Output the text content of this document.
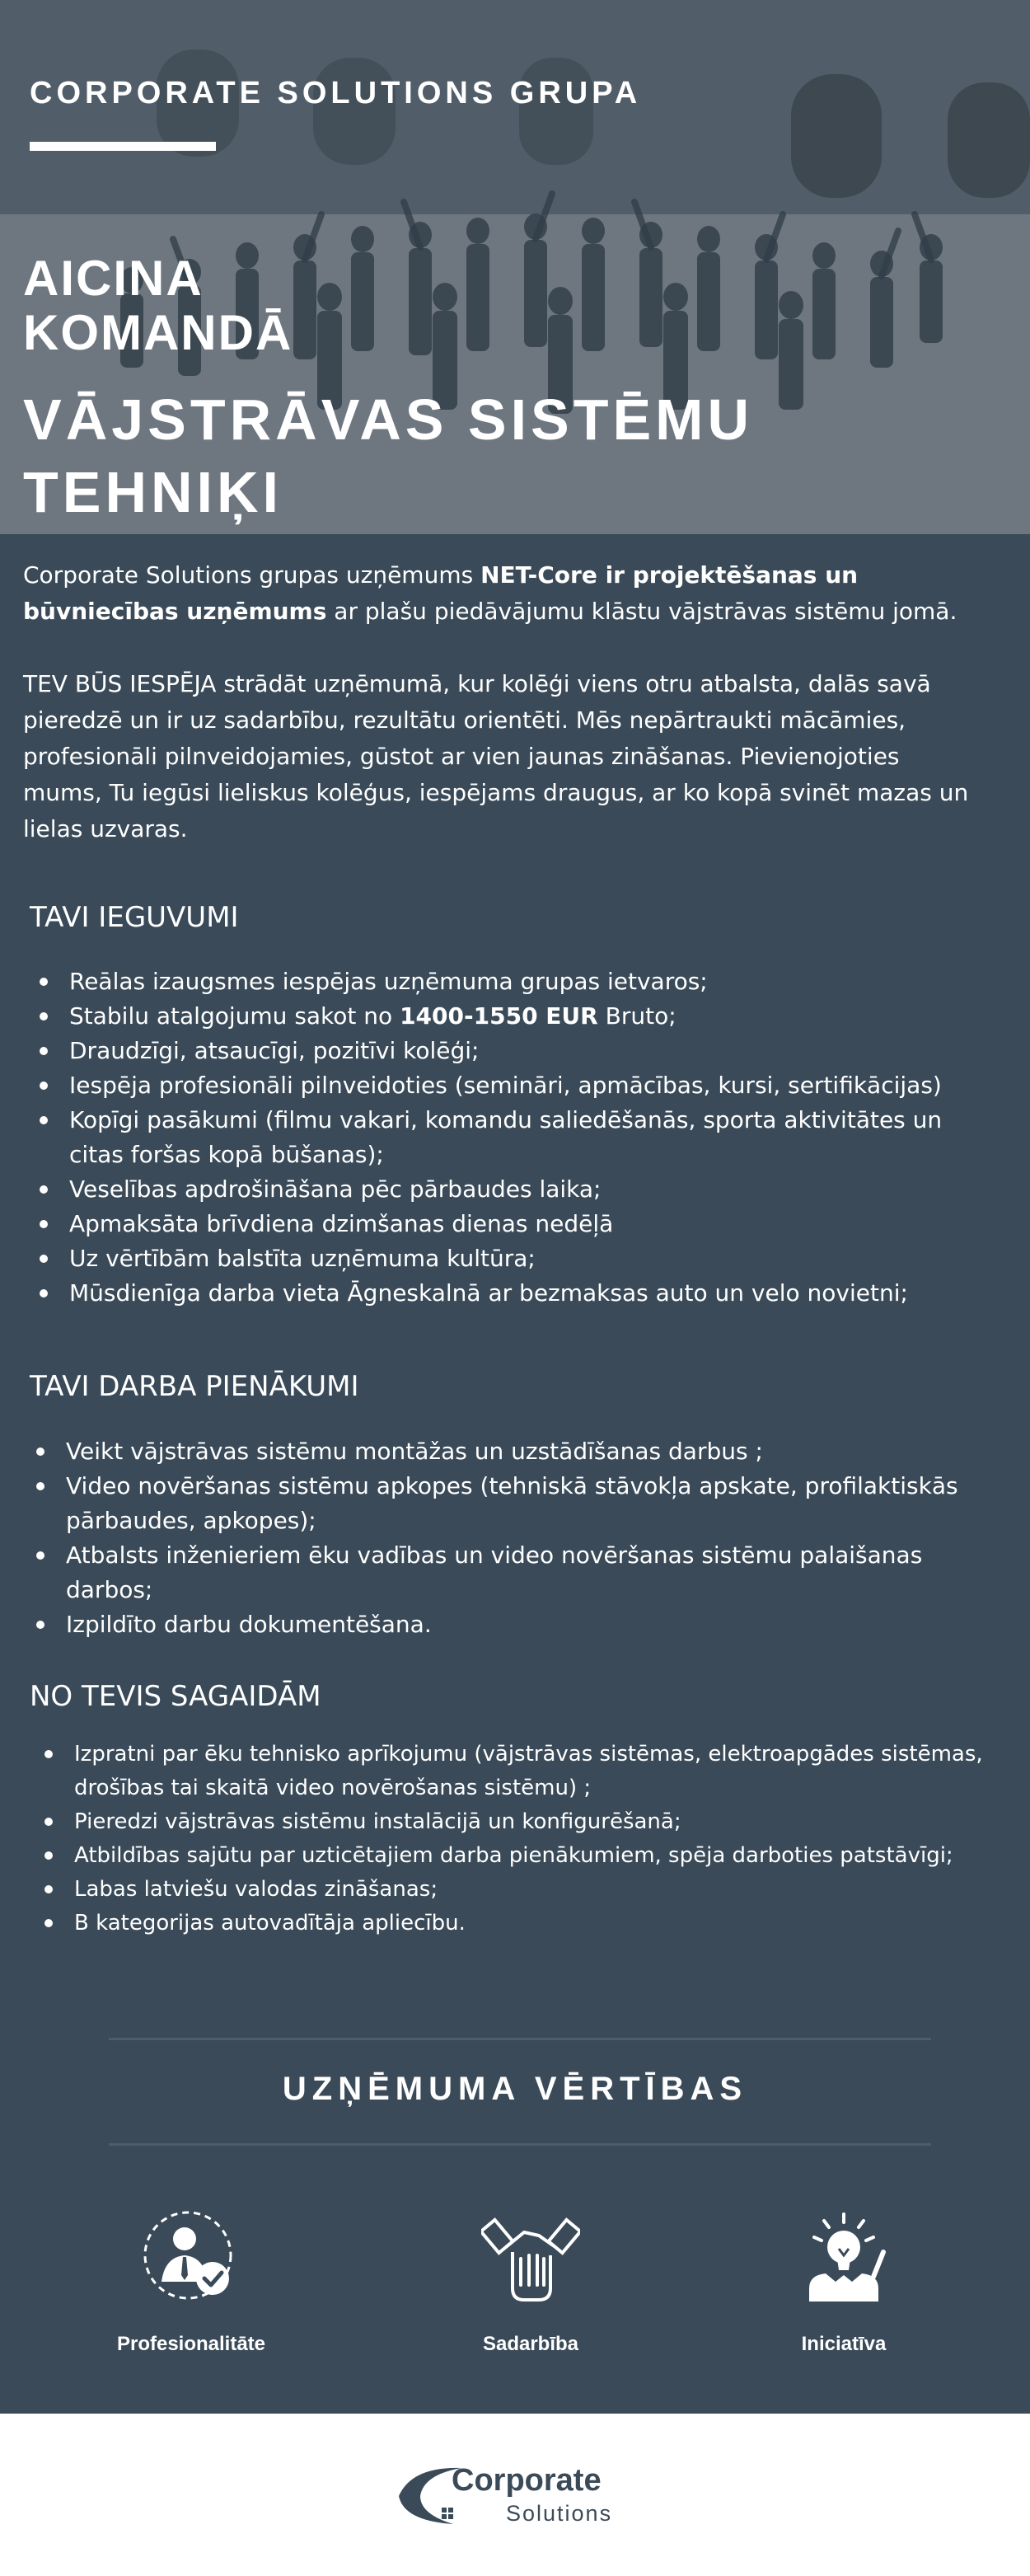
CORPORATE SOLUTIONS GRUPA
AICINA
KOMANDĀ
VĀJSTRĀVAS SISTĒMU
TEHNIĶI

Corporate Solutions grupas uzņēmums NET-Core ir projektēšanas un būvniecības uzņēmums ar plašu piedāvājumu klāstu vājstrāvas sistēmu jomā.

TEV BŪS IESPĒJA strādāt uzņēmumā, kur kolēģi viens otru atbalsta, dalās savā pieredzē un ir uz sadarbību, rezultātu orientēti. Mēs nepārtraukti mācāmies, profesionāli pilnveidojamies, gūstot ar vien jaunas zināšanas. Pievienojoties mums, Tu iegūsi lieliskus kolēģus, iespējams draugus, ar ko kopā svinēt mazas un lielas uzvaras.

TAVI IEGUVUMI
Reālas izaugsmes iespējas uzņēmuma grupas ietvaros;
Stabilu atalgojumu sakot no 1400-1550 EUR Bruto;
Draudzīgi, atsaucīgi, pozitīvi kolēģi;
Iespēja profesionāli pilnveidoties (semināri, apmācības, kursi, sertifikācijas)
Kopīgi pasākumi (filmu vakari, komandu saliedēšanās, sporta aktivitātes un citas foršas kopā būšanas);
Veselības apdrošināšana pēc pārbaudes laika;
Apmaksāta brīvdiena dzimšanas dienas nedēļā
Uz vērtībām balstīta uzņēmuma kultūra;
Mūsdienīga darba vieta Āgneskalnā ar bezmaksas auto un velo novietni;
TAVI DARBA PIENĀKUMI
Veikt vājstrāvas sistēmu montāžas un uzstādīšanas darbus ;
Video novēršanas sistēmu apkopes (tehniskā stāvokļa apskate, profilaktiskās pārbaudes, apkopes);
Atbalsts inženieriem ēku vadības un video novēršanas sistēmu palaišanas darbos;
Izpildīto darbu dokumentēšana.
NO TEVIS SAGAIDĀM
Izpratni par ēku tehnisko aprīkojumu (vājstrāvas sistēmas, elektroapgādes sistēmas, drošības tai skaitā video novērošanas sistēmu) ;
Pieredzi vājstrāvas sistēmu instalācijā un konfigurēšanā;
Atbildības sajūtu par uzticētajiem darba pienākumiem, spēja darboties patstāvīgi;
Labas latviešu valodas zināšanas;
B kategorijas autovadītāja apliecību.
UZŅĒMUMA VĒRTĪBAS
Profesionalitāte	Sadarbība	Iniciatīva
Corporate
Solutions
